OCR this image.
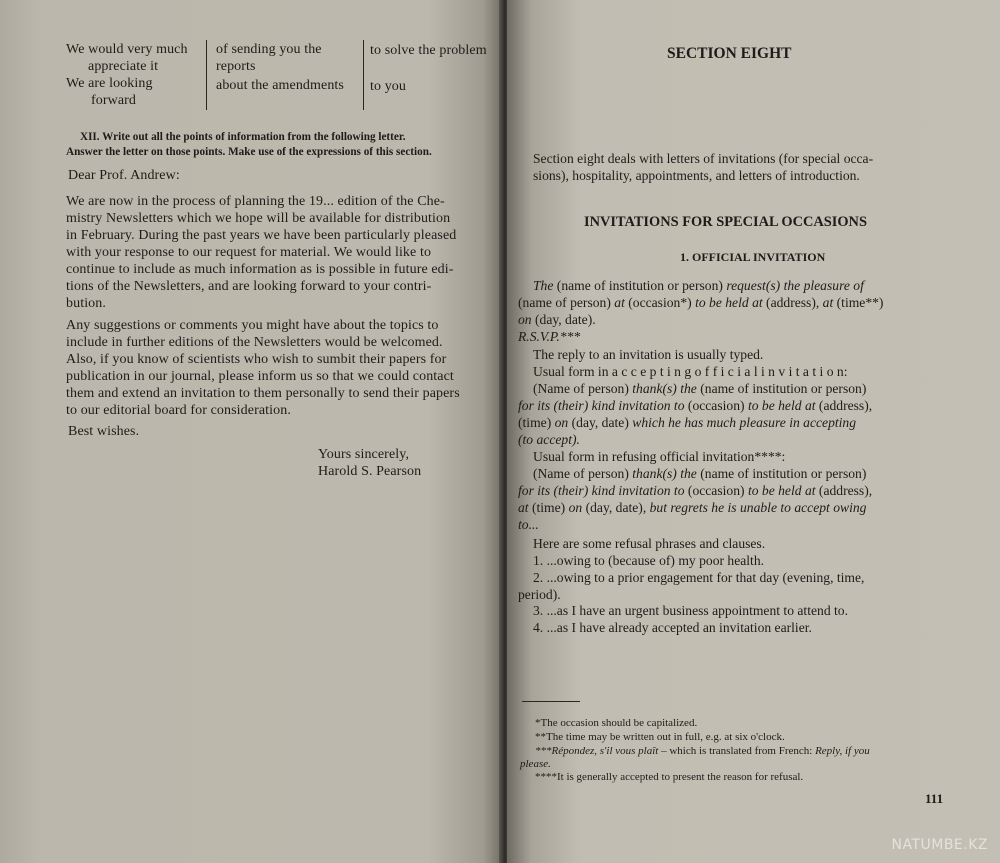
We would very much
appreciate it
We are looking
forward
of sending you the
reports
about the amendments
to solve the problem
to you
XII. Write out all the points of information from the following letter.
Answer the letter on those points. Make use of the expressions of this section.
Dear Prof. Andrew:
We are now in the process of planning the 19... edition of the Che-
mistry Newsletters which we hope will be available for distribution
in February. During the past years we have been particularly pleased
with your response to our request for material. We would like to
continue to include as much information as is possible in future edi-
tions of the Newsletters, and are looking forward to your contri-
bution.
Any suggestions or comments you might have about the topics to
include in further editions of the Newsletters would be welcomed.
Also, if you know of scientists who wish to sumbit their papers for
publication in our journal, please inform us so that we could contact
them and extend an invitation to them personally to send their papers
to our editorial board for consideration.
Best wishes.
Yours sincerely,
Harold S. Pearson
SECTION EIGHT
Section eight deals with letters of invitations (for special occa-
sions), hospitality, appointments, and letters of introduction.
INVITATIONS FOR SPECIAL OCCASIONS
1. OFFICIAL INVITATION
The (name of institution or person) request(s) the pleasure of
(name of person) at (occasion*) to be held at (address), at (time**)
on (day, date).
R.S.V.P.***
The reply to an invitation is usually typed.
Usual form in a c c e p t i n g o f f i c i a l i n v i t a t i o n:
(Name of person) thank(s) the (name of institution or person)
for its (their) kind invitation to (occasion) to be held at (address),
(time) on (day, date) which he has much pleasure in accepting
(to accept).
Usual form in refusing official invitation****:
(Name of person) thank(s) the (name of institution or person)
for its (their) kind invitation to (occasion) to be held at (address),
at (time) on (day, date), but regrets he is unable to accept owing
to...
Here are some refusal phrases and clauses.
1. ...owing to (because of) my poor health.
2. ...owing to a prior engagement for that day (evening, time,
period).
3. ...as I have an urgent business appointment to attend to.
4. ...as I have already accepted an invitation earlier.
*The occasion should be capitalized.
**The time may be written out in full, e.g. at six o'clock.
***Répondez, s'il vous plaît – which is translated from French: Reply, if you
please.
****It is generally accepted to present the reason for refusal.
111
NATUMBE.KZ
